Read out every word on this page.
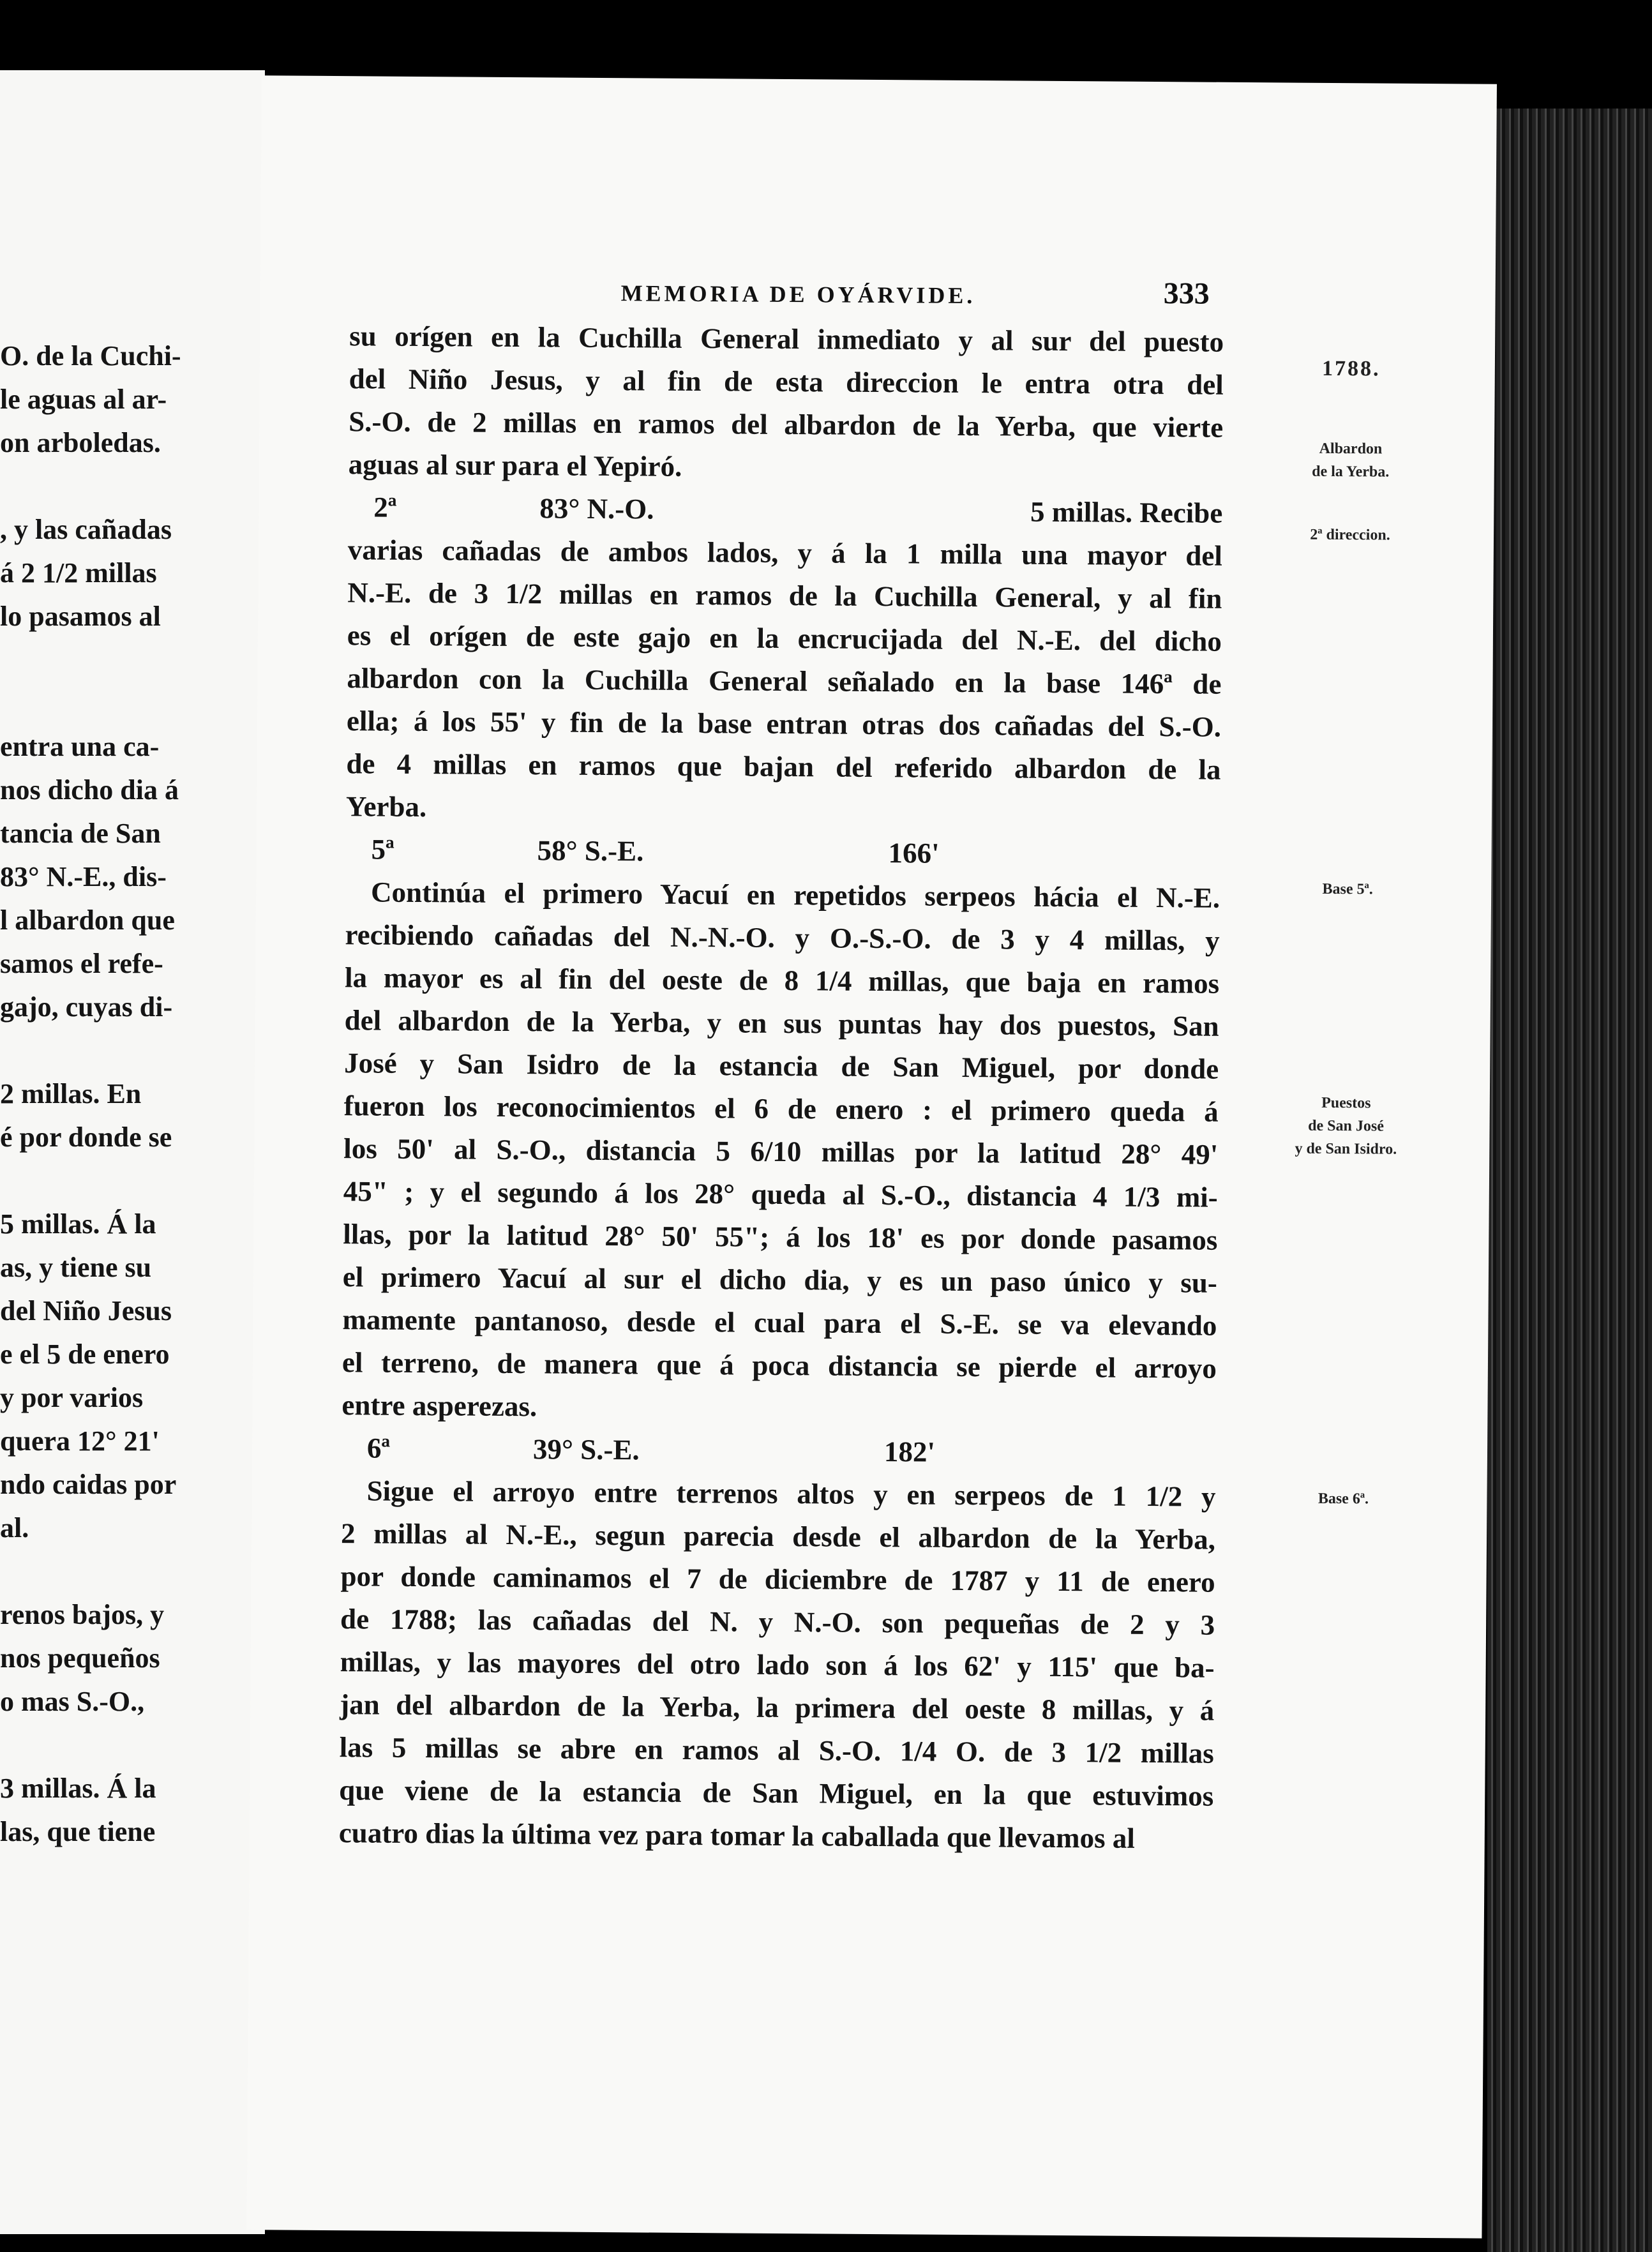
O. de la Cuchi-
le aguas al ar-
on arboledas.
, y las cañadas
á 2 1/2 millas
lo pasamos al
entra una ca-
nos dicho dia á
tancia de San
83° N.-E., dis-
l albardon que
samos el refe-
gajo, cuyas di-
2 millas. En
é por donde se
5 millas. Á la
as, y tiene su
del Niño Jesus
e el 5 de enero
y por varios
quera 12° 21'
ndo caidas por
al.
renos bajos, y
nos pequeños
o mas S.-O.,
3 millas. Á la
las, que tiene
MEMORIA DE OYÁRVIDE.	333
su orígen en la Cuchilla General inmediato y al sur del puesto
del Niño Jesus, y al fin de esta direccion le entra otra del
S.-O. de 2 millas en ramos del albardon de la Yerba, que vierte
aguas al sur para el Yepiró.
2ª	83° N.-O.	5 millas. Recibe
varias cañadas de ambos lados, y á la 1 milla una mayor del
N.-E. de 3 1/2 millas en ramos de la Cuchilla General, y al fin
es el orígen de este gajo en la encrucijada del N.-E. del dicho
albardon con la Cuchilla General señalado en la base 146ª de
ella; á los 55' y fin de la base entran otras dos cañadas del S.-O.
de 4 millas en ramos que bajan del referido albardon de la
Yerba.
5ª	58° S.-E.	166'
Continúa el primero Yacuí en repetidos serpeos hácia el N.-E.
recibiendo cañadas del N.-N.-O. y O.-S.-O. de 3 y 4 millas, y
la mayor es al fin del oeste de 8 1/4 millas, que baja en ramos
del albardon de la Yerba, y en sus puntas hay dos puestos, San
José y San Isidro de la estancia de San Miguel, por donde
fueron los reconocimientos el 6 de enero : el primero queda á
los 50' al S.-O., distancia 5 6/10 millas por la latitud 28° 49'
45" ; y el segundo á los 28° queda al S.-O., distancia 4 1/3 mi-
llas, por la latitud 28° 50' 55"; á los 18' es por donde pasamos
el primero Yacuí al sur el dicho dia, y es un paso único y su-
mamente pantanoso, desde el cual para el S.-E. se va elevando
el terreno, de manera que á poca distancia se pierde el arroyo
entre asperezas.
6ª	39° S.-E.	182'
Sigue el arroyo entre terrenos altos y en serpeos de 1 1/2 y
2 millas al N.-E., segun parecia desde el albardon de la Yerba,
por donde caminamos el 7 de diciembre de 1787 y 11 de enero
de 1788; las cañadas del N. y N.-O. son pequeñas de 2 y 3
millas, y las mayores del otro lado son á los 62' y 115' que ba-
jan del albardon de la Yerba, la primera del oeste 8 millas, y á
las 5 millas se abre en ramos al S.-O. 1/4 O. de 3 1/2 millas
que viene de la estancia de San Miguel, en la que estuvimos
cuatro dias la última vez para tomar la caballada que llevamos al
1788.
Albardon
de la Yerba.
2ª direccion.
Base 5ª.
Puestos
de San José
y de San Isidro.
Base 6ª.
